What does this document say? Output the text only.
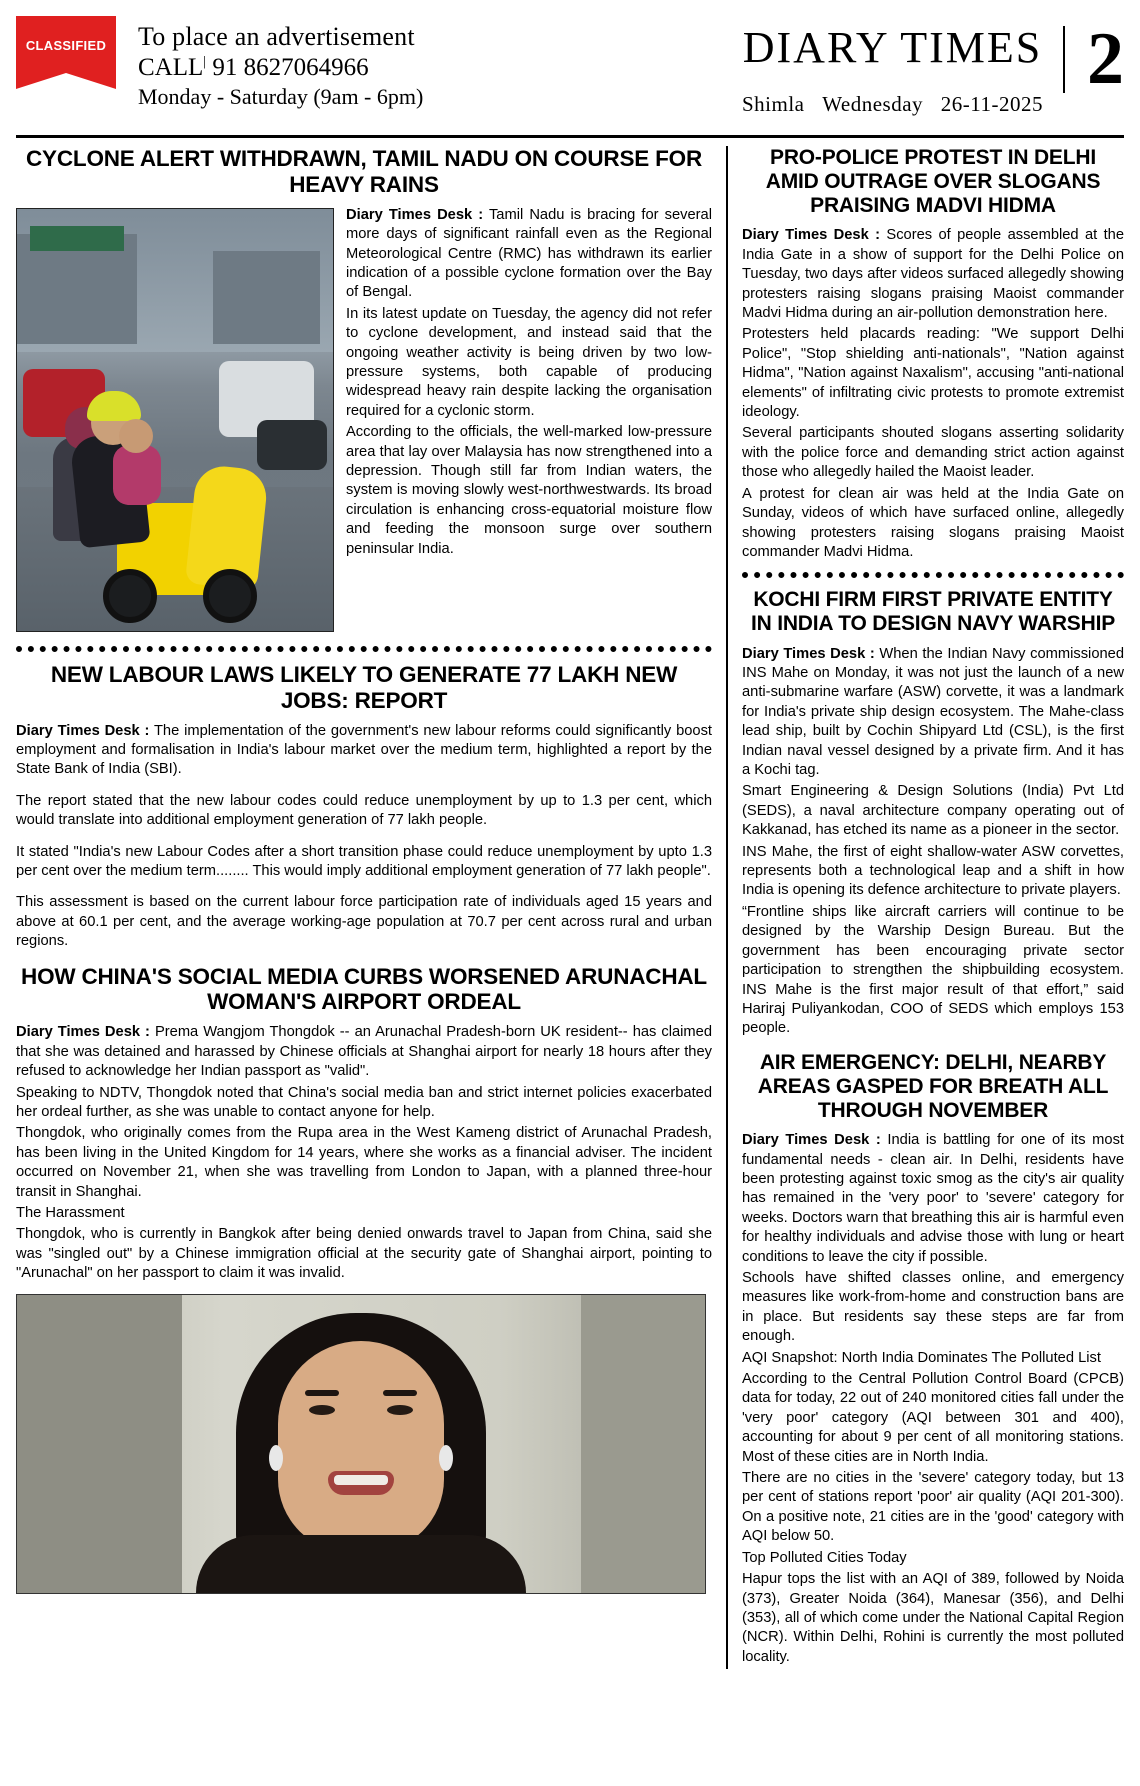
CLASSIFIED	To place an advertisement
CALL| 91 8627064966
Monday - Saturday (9am - 6pm)
DIARY TIMES
Shimla Wednesday 26-11-2025
2
CYCLONE ALERT WITHDRAWN, TAMIL NADU ON COURSE FOR HEAVY RAINS

Diary Times Desk : Tamil Nadu is bracing for several more days of significant rainfall even as the Regional Meteorological Centre (RMC) has withdrawn its earlier indication of a possible cyclone formation over the Bay of Bengal.

In its latest update on Tuesday, the agency did not refer to cyclone development, and instead said that the ongoing weather activity is being driven by two low-pressure systems, both capable of producing widespread heavy rain despite lacking the organisation required for a cyclonic storm.

According to the officials, the well-marked low-pressure area that lay over Malaysia has now strengthened into a depression. Though still far from Indian waters, the system is moving slowly west-northwestwards. Its broad circulation is enhancing cross-equatorial moisture flow and feeding the monsoon surge over southern peninsular India.

NEW LABOUR LAWS LIKELY TO GENERATE 77 LAKH NEW JOBS: REPORT

Diary Times Desk : The implementation of the government's new labour reforms could significantly boost employment and formalisation in India's labour market over the medium term, highlighted a report by the State Bank of India (SBI).

The report stated that the new labour codes could reduce unemployment by up to 1.3 per cent, which would translate into additional employment generation of 77 lakh people.

It stated "India's new Labour Codes after a short transition phase could reduce unemployment by upto 1.3 per cent over the medium term........ This would imply additional employment generation of 77 lakh people".

This assessment is based on the current labour force participation rate of individuals aged 15 years and above at 60.1 per cent, and the average working-age population at 70.7 per cent across rural and urban regions.

HOW CHINA'S SOCIAL MEDIA CURBS WORSENED ARUNACHAL WOMAN'S AIRPORT ORDEAL

Diary Times Desk : Prema Wangjom Thongdok -- an Arunachal Pradesh-born UK resident-- has claimed that she was detained and harassed by Chinese officials at Shanghai airport for nearly 18 hours after they refused to acknowledge her Indian passport as "valid".

Speaking to NDTV, Thongdok noted that China's social media ban and strict internet policies exacerbated her ordeal further, as she was unable to contact anyone for help.

Thongdok, who originally comes from the Rupa area in the West Kameng district of Arunachal Pradesh, has been living in the United Kingdom for 14 years, where she works as a financial adviser. The incident occurred on November 21, when she was travelling from London to Japan, with a planned three-hour transit in Shanghai.

The Harassment

Thongdok, who is currently in Bangkok after being denied onwards travel to Japan from China, said she was "singled out" by a Chinese immigration official at the security gate of Shanghai airport, pointing to "Arunachal" on her passport to claim it was invalid.

PRO-POLICE PROTEST IN DELHI AMID OUTRAGE OVER SLOGANS PRAISING MADVI HIDMA

Diary Times Desk : Scores of people assembled at the India Gate in a show of support for the Delhi Police on Tuesday, two days after videos surfaced allegedly showing protesters raising slogans praising Maoist commander Madvi Hidma during an air-pollution demonstration here.

Protesters held placards reading: "We support Delhi Police", "Stop shielding anti-nationals", "Nation against Hidma", "Nation against Naxalism", accusing "anti-national elements" of infiltrating civic protests to promote extremist ideology.

Several participants shouted slogans asserting solidarity with the police force and demanding strict action against those who allegedly hailed the Maoist leader.

A protest for clean air was held at the India Gate on Sunday, videos of which have surfaced online, allegedly showing protesters raising slogans praising Maoist commander Madvi Hidma.

KOCHI FIRM FIRST PRIVATE ENTITY IN INDIA TO DESIGN NAVY WARSHIP

Diary Times Desk : When the Indian Navy commissioned INS Mahe on Monday, it was not just the launch of a new anti-submarine warfare (ASW) corvette, it was a landmark for India's private ship design ecosystem. The Mahe-class lead ship, built by Cochin Shipyard Ltd (CSL), is the first Indian naval vessel designed by a private firm. And it has a Kochi tag.

Smart Engineering & Design Solutions (India) Pvt Ltd (SEDS), a naval architecture company operating out of Kakkanad, has etched its name as a pioneer in the sector.

INS Mahe, the first of eight shallow-water ASW corvettes, represents both a technological leap and a shift in how India is opening its defence architecture to private players.

“Frontline ships like aircraft carriers will continue to be designed by the Warship Design Bureau. But the government has been encouraging private sector participation to strengthen the shipbuilding ecosystem. INS Mahe is the first major result of that effort,” said Hariraj Puliyankodan, COO of SEDS which employs 153 people.

AIR EMERGENCY: DELHI, NEARBY AREAS GASPED FOR BREATH ALL THROUGH NOVEMBER

Diary Times Desk : India is battling for one of its most fundamental needs - clean air. In Delhi, residents have been protesting against toxic smog as the city's air quality has remained in the 'very poor' to 'severe' category for weeks. Doctors warn that breathing this air is harmful even for healthy individuals and advise those with lung or heart conditions to leave the city if possible.

Schools have shifted classes online, and emergency measures like work-from-home and construction bans are in place. But residents say these steps are far from enough.

AQI Snapshot: North India Dominates The Polluted List

According to the Central Pollution Control Board (CPCB) data for today, 22 out of 240 monitored cities fall under the 'very poor' category (AQI between 301 and 400), accounting for about 9 per cent of all monitoring stations. Most of these cities are in North India.

There are no cities in the 'severe' category today, but 13 per cent of stations report 'poor' air quality (AQI 201-300). On a positive note, 21 cities are in the 'good' category with AQI below 50.

Top Polluted Cities Today

Hapur tops the list with an AQI of 389, followed by Noida (373), Greater Noida (364), Manesar (356), and Delhi (353), all of which come under the National Capital Region (NCR). Within Delhi, Rohini is currently the most polluted locality.
